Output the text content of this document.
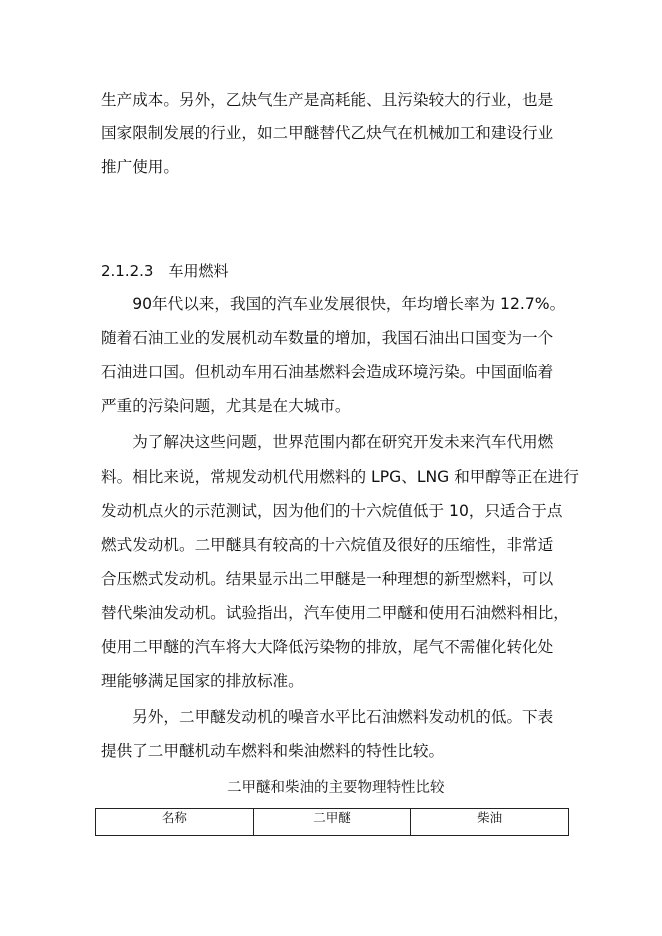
生产成本。另外，乙炔气生产是高耗能、且污染较大的行业，也是

国家限制发展的行业，如二甲醚替代乙炔气在机械加工和建设行业

推广使用。

2.1.2.3　车用燃料

　　90年代以来，我国的汽车业发展很快，年均增长率为 12.7%。

随着石油工业的发展机动车数量的增加，我国石油出口国变为一个

石油进口国。但机动车用石油基燃料会造成环境污染。中国面临着

严重的污染问题，尤其是在大城市。

　　为了解决这些问题，世界范围内都在研究开发未来汽车代用燃

料。相比来说，常规发动机代用燃料的 LPG、LNG 和甲醇等正在进行

发动机点火的示范测试，因为他们的十六烷值低于 10，只适合于点

燃式发动机。二甲醚具有较高的十六烷值及很好的压缩性，非常适

合压燃式发动机。结果显示出二甲醚是一种理想的新型燃料，可以

替代柴油发动机。试验指出，汽车使用二甲醚和使用石油燃料相比，

使用二甲醚的汽车将大大降低污染物的排放，尾气不需催化转化处

理能够满足国家的排放标准。

　　另外，二甲醚发动机的噪音水平比石油燃料发动机的低。下表

提供了二甲醚机动车燃料和柴油燃料的特性比较。

二甲醚和柴油的主要物理特性比较

名称	二甲醚	柴油
